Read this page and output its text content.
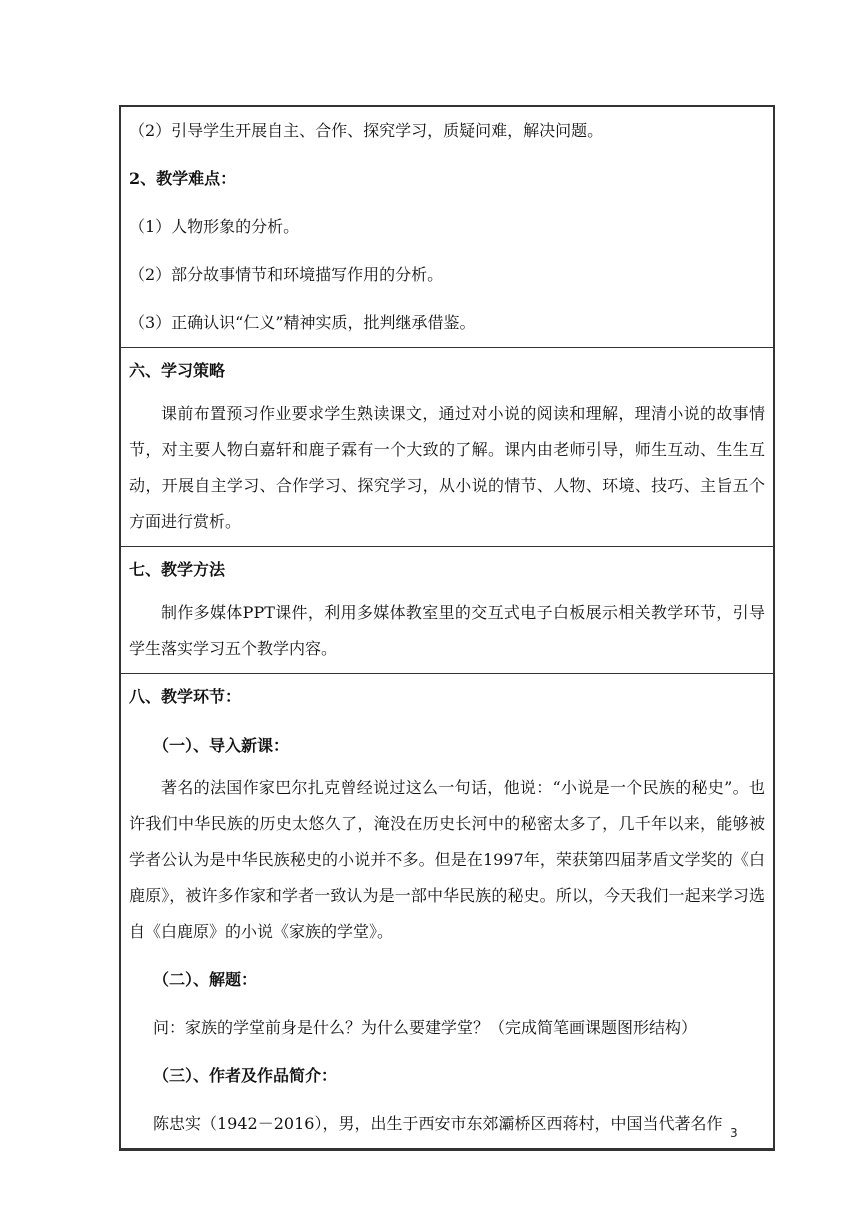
（2）引导学生开展自主、合作、探究学习，质疑问难，解决问题。
2、教学难点：
（1）人物形象的分析。
（2）部分故事情节和环境描写作用的分析。
（3）正确认识“仁义”精神实质，批判继承借鉴。

六、学习策略
课前布置预习作业要求学生熟读课文，通过对小说的阅读和理解，理清小说的故事情节，对主要人物白嘉轩和鹿子霖有一个大致的了解。课内由老师引导，师生互动、生生互动，开展自主学习、合作学习、探究学习，从小说的情节、人物、环境、技巧、主旨五个方面进行赏析。

七、教学方法
制作多媒体PPT课件，利用多媒体教室里的交互式电子白板展示相关教学环节，引导学生落实学习五个教学内容。

八、教学环节：
（一）、导入新课：
著名的法国作家巴尔扎克曾经说过这么一句话，他说：“小说是一个民族的秘史”。也许我们中华民族的历史太悠久了，淹没在历史长河中的秘密太多了，几千年以来，能够被学者公认为是中华民族秘史的小说并不多。但是在1997年，荣获第四届茅盾文学奖的《白鹿原》，被许多作家和学者一致认为是一部中华民族的秘史。所以，今天我们一起来学习选自《白鹿原》的小说《家族的学堂》。
（二）、解题：
问：家族的学堂前身是什么？为什么要建学堂？（完成简笔画课题图形结构）
（三）、作者及作品简介：
陈忠实（1942－2016），男，出生于西安市东郊灞桥区西蒋村，中国当代著名作 3
